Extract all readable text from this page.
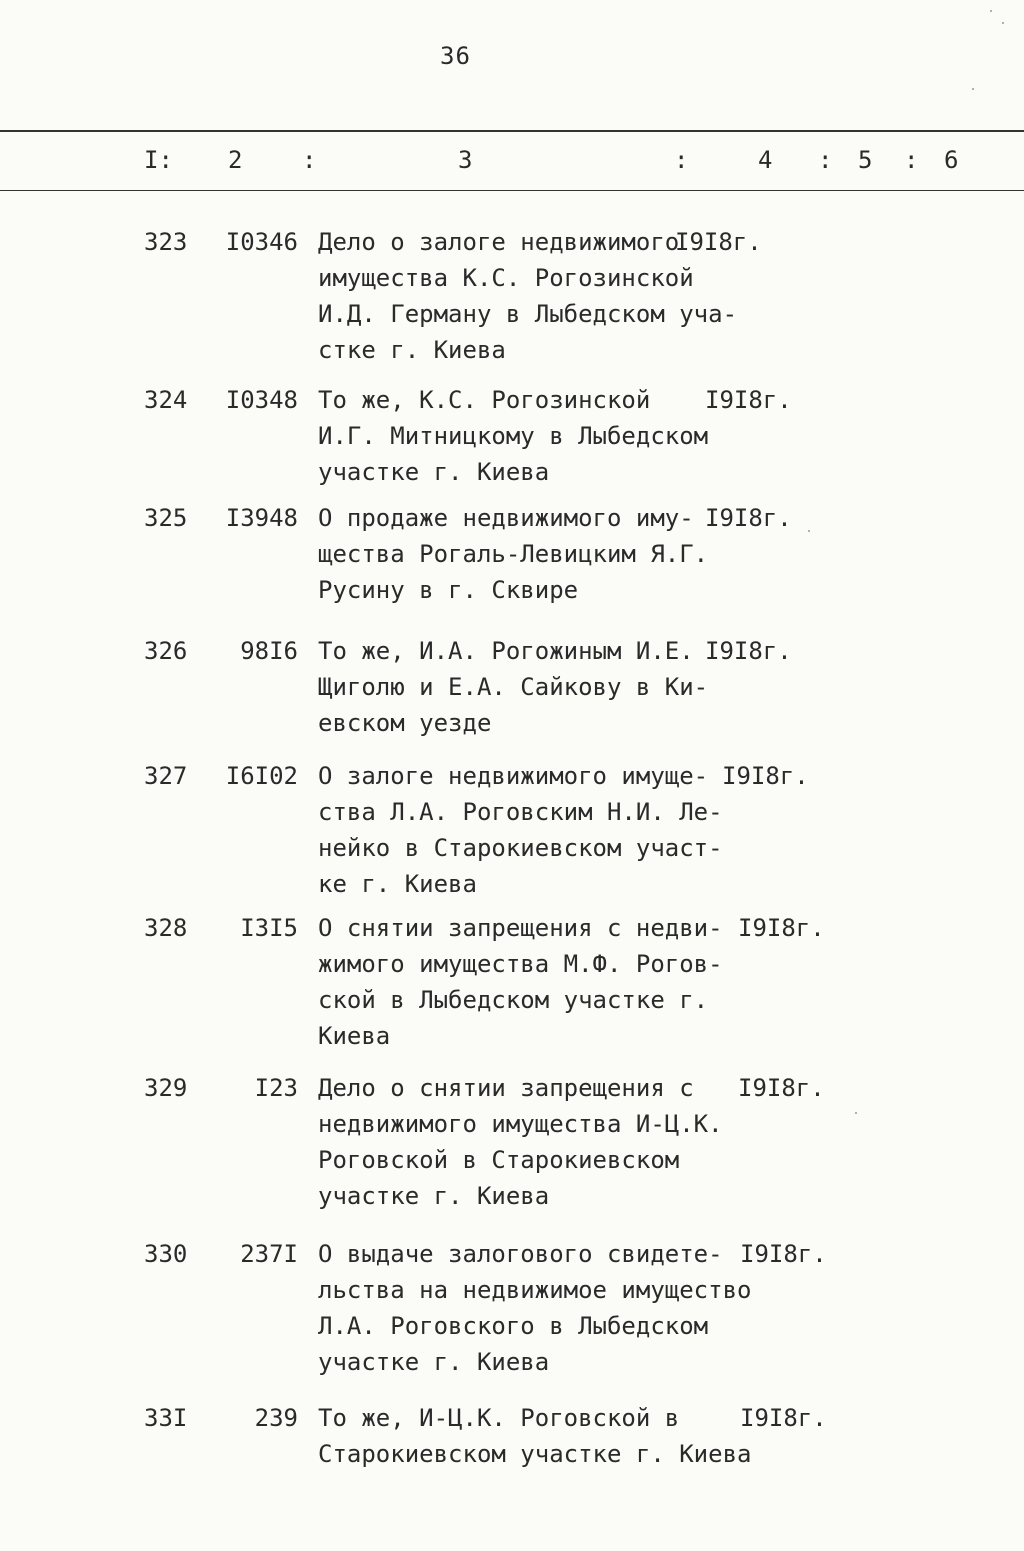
36
I: 2 :	3	:	4 : 5 : 6
323	I0346 Дело о залоге недвижимого
имущества К.С. Рогозинской
И.Д. Герману в Лыбедском уча-
стке г. Киева
I9I8г.
324	I0348 То же, К.С. Рогозинской
И.Г. Митницкому в Лыбедском
участке г. Киева
I9I8г.
325	I3948 О продаже недвижимого иму-
щества Рогаль-Левицким Я.Г.
Русину в г. Сквире
I9I8г.
326	98I6 То же, И.А. Рогожиным И.Е.
Щиголю и Е.А. Сайкову в Ки-
евском уезде
I9I8г.
327	I6I02 О залоге недвижимого имуще-
ства Л.А. Роговским Н.И. Ле-
нейко в Старокиевском участ-
ке г. Киева
I9I8г.
328	I3I5 О снятии запрещения с недви-
жимого имущества М.Ф. Рогов-
ской в Лыбедском участке г.
Киева
I9I8г.
329	I23 Дело о снятии запрещения с
недвижимого имущества И-Ц.К.
Роговской в Старокиевском
участке г. Киева
I9I8г.
330	237I О выдаче залогового свидете-
льства на недвижимое имущество
Л.А. Роговского в Лыбедском
участке г. Киева
I9I8г.
33I	239 То же, И-Ц.К. Роговской в
Старокиевском участке г. Киева
I9I8г.
